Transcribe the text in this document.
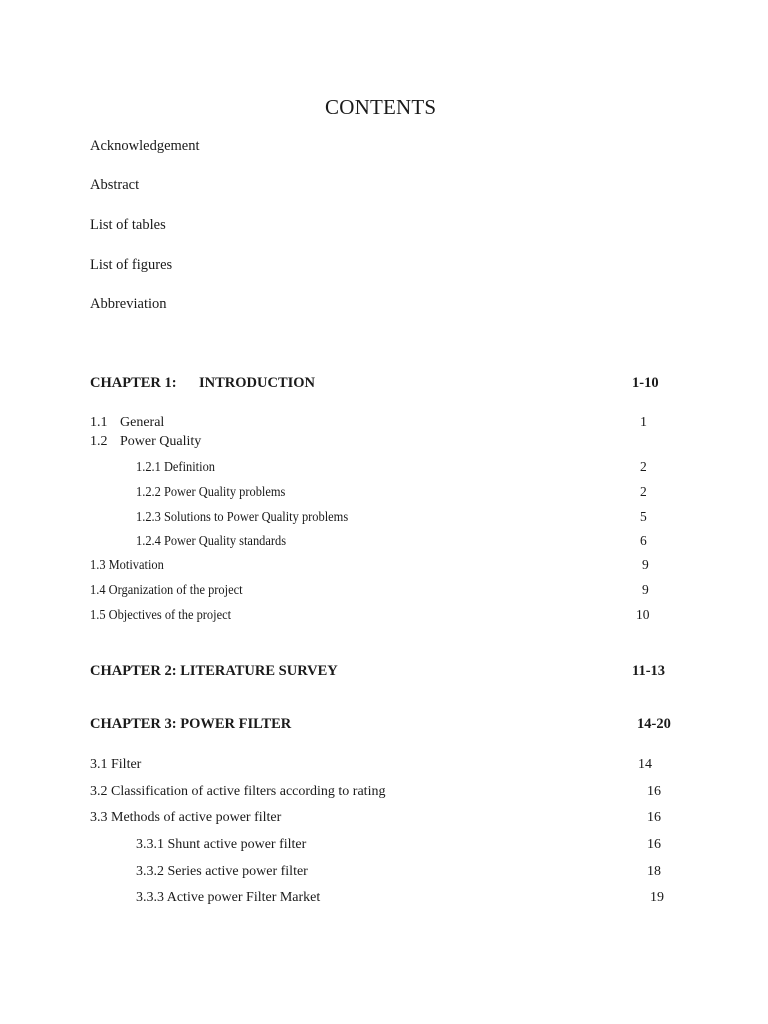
CONTENTS
Acknowledgement
Abstract
List of tables
List of figures
Abbreviation
CHAPTER 1: INTRODUCTION	1-10
1.1 General	1
1.2 Power Quality
1.2.1 Definition	2
1.2.2 Power Quality problems	2
1.2.3 Solutions to Power Quality problems	5
1.2.4 Power Quality standards	6
1.3 Motivation	9
1.4 Organization of the project	9
1.5 Objectives of the project	10
CHAPTER 2: LITERATURE SURVEY	11-13
CHAPTER 3: POWER FILTER	14-20
3.1 Filter	14
3.2 Classification of active filters according to rating	16
3.3 Methods of active power filter	16
3.3.1 Shunt active power filter	16
3.3.2 Series active power filter	18
3.3.3 Active power Filter Market	19
